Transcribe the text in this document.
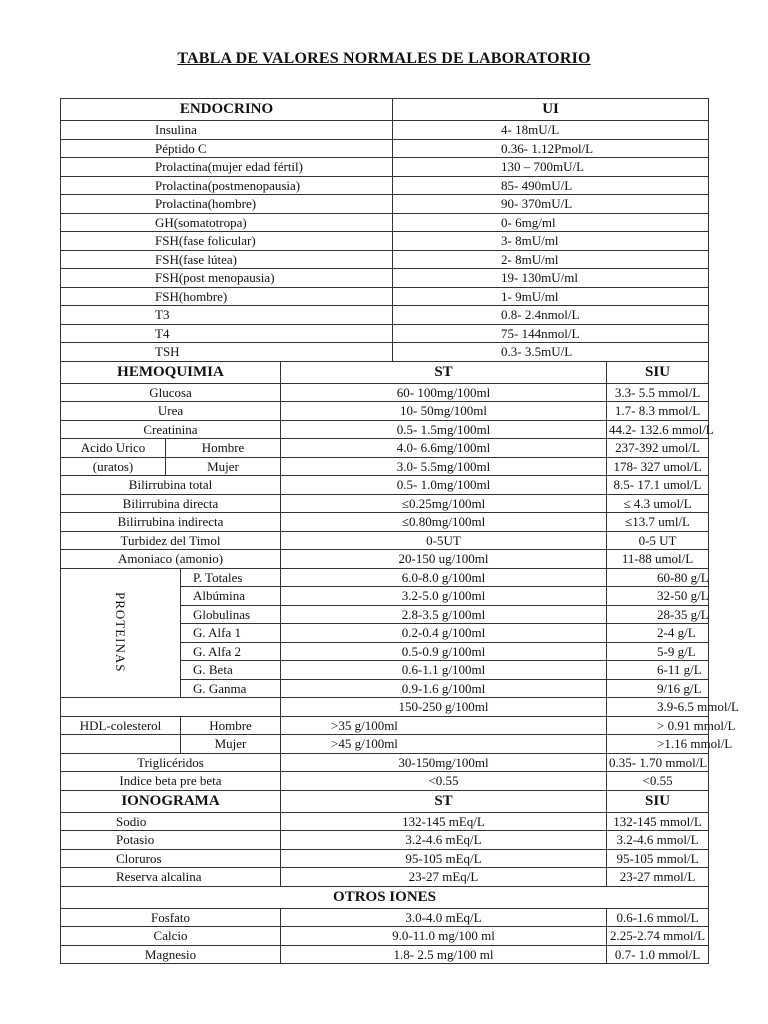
TABLA DE VALORES NORMALES DE LABORATORIO
ENDOCRINO				UI	
Insulina				4- 18mU/L	
Péptido C				0.36- 1.12Pmol/L	
Prolactina(mujer edad fértil)				130 – 700mU/L	
Prolactina(postmenopausia)				85- 490mU/L	
Prolactina(hombre)				90- 370mU/L	
GH(somatotropa)				0- 6mg/ml	
FSH(fase folicular)				3- 8mU/ml	
FSH(fase lútea)				2- 8mU/ml	
FSH(post menopausia)				19- 130mU/ml	
FSH(hombre)				1- 9mU/ml	
T3				0.8- 2.4nmol/L	
T4				75- 144nmol/L	
TSH				0.3- 3.5mU/L	
HEMOQUIMIA			ST		SIU
Glucosa			60- 100mg/100ml		3.3- 5.5 mmol/L
Urea			10- 50mg/100ml		1.7- 8.3 mmol/L
Creatinina			0.5- 1.5mg/100ml		44.2- 132.6 mmol/L
Acido Urico	Hombre		4.0- 6.6mg/100ml		237-392 umol/L
(uratos)	Mujer		3.0- 5.5mg/100ml		178- 327 umol/L
Bilirrubina total			0.5- 1.0mg/100ml		8.5- 17.1 umol/L
Bilirrubina directa			≤0.25mg/100ml		≤ 4.3 umol/L
Bilirrubina indirecta			≤0.80mg/100ml		≤13.7 uml/L
Turbidez del Timol			0-5UT		0-5 UT
Amoniaco (amonio)			20-150 ug/100ml		11-88 umol/L
PROTEINAS		P. Totales	6.0-8.0 g/100ml		60-80 g/L
		Albúmina	3.2-5.0 g/100ml		32-50 g/L
		Globulinas	2.8-3.5 g/100ml		28-35 g/L
		G. Alfa 1	0.2-0.4 g/100ml		2-4 g/L
		G. Alfa 2	0.5-0.9 g/100ml		5-9 g/L
		G. Beta	0.6-1.1 g/100ml		6-11 g/L
		G. Ganma	0.9-1.6 g/100ml		9/16 g/L
			150-250 g/100ml		3.9-6.5 mmol/L
HDL-colesterol		Hombre	>35 g/100ml		> 0.91 mmol/L
		Mujer	>45 g/100ml		>1.16 mmol/L
Triglicéridos			30-150mg/100ml		0.35- 1.70 mmol/L
Indice beta pre beta			<0.55		<0.55
IONOGRAMA			ST		SIU
Sodio			132-145 mEq/L		132-145 mmol/L
Potasio			3.2-4.6 mEq/L		3.2-4.6 mmol/L
Cloruros			95-105 mEq/L		95-105 mmol/L
Reserva alcalina			23-27 mEq/L		23-27 mmol/L
OTROS IONES					
Fosfato			3.0-4.0 mEq/L		0.6-1.6 mmol/L
Calcio			9.0-11.0 mg/100 ml		2.25-2.74 mmol/L
Magnesio			1.8- 2.5 mg/100 ml		0.7- 1.0 mmol/L
